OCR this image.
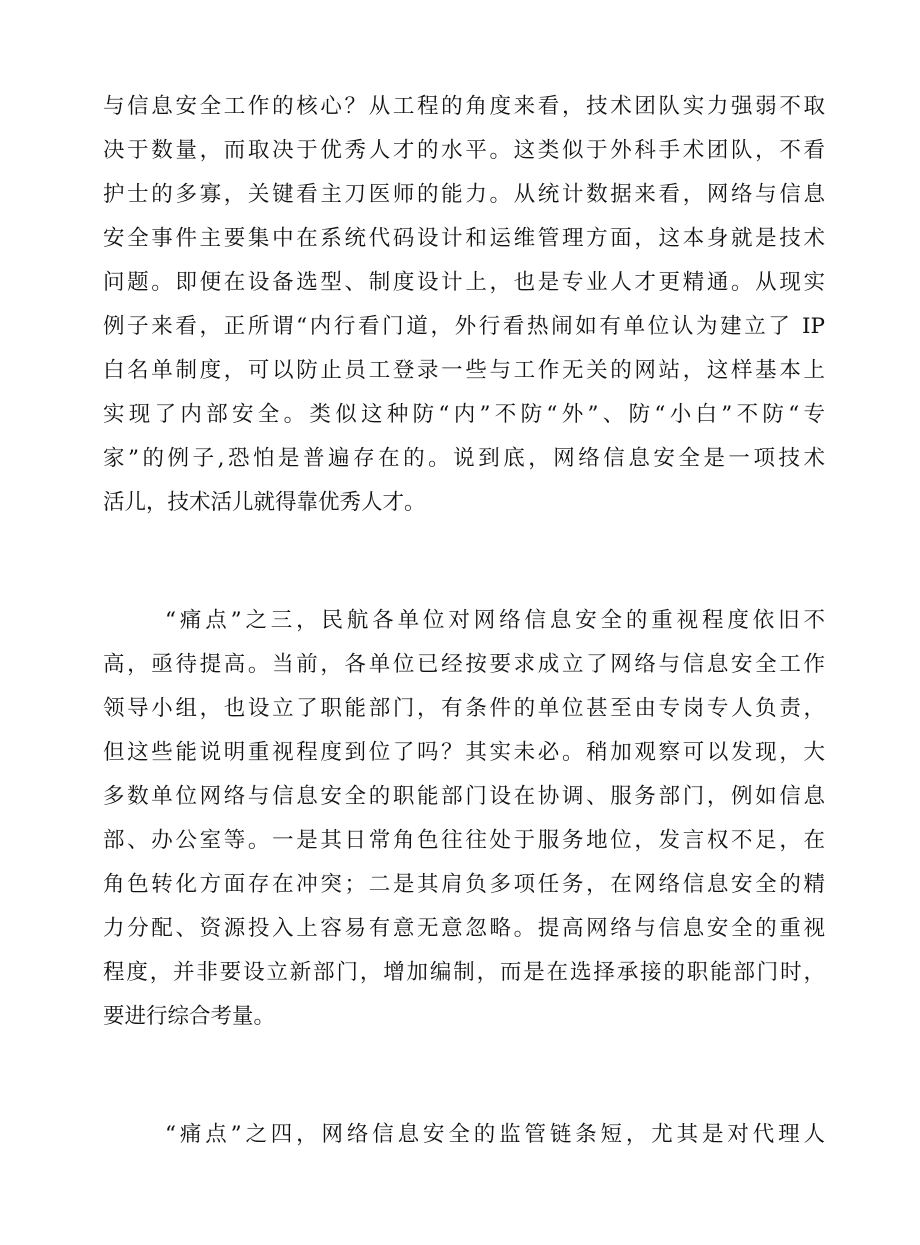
与信息安全工作的核心？从工程的角度来看，技术团队实力强弱不取
决于数量，而取决于优秀人才的水平。这类似于外科手术团队，不看
护士的多寡，关键看主刀医师的能力。从统计数据来看，网络与信息
安全事件主要集中在系统代码设计和运维管理方面，这本身就是技术
问题。即便在设备选型、制度设计上，也是专业人才更精通。从现实
例子来看，正所谓“内行看门道，外行看热闹如有单位认为建立了 IP
白名单制度，可以防止员工登录一些与工作无关的网站，这样基本上
实现了内部安全。类似这种防“内”不防“外”、防“小白”不防“专
家”的例子,恐怕是普遍存在的。说到底，网络信息安全是一项技术
活儿，技术活儿就得靠优秀人才。
“痛点”之三，民航各单位对网络信息安全的重视程度依旧不
高，亟待提高。当前，各单位已经按要求成立了网络与信息安全工作
领导小组，也设立了职能部门，有条件的单位甚至由专岗专人负责，
但这些能说明重视程度到位了吗？其实未必。稍加观察可以发现，大
多数单位网络与信息安全的职能部门设在协调、服务部门，例如信息
部、办公室等。一是其日常角色往往处于服务地位，发言权不足，在
角色转化方面存在冲突；二是其肩负多项任务，在网络信息安全的精
力分配、资源投入上容易有意无意忽略。提高网络与信息安全的重视
程度，并非要设立新部门，增加编制，而是在选择承接的职能部门时，
要进行综合考量。
“痛点”之四，网络信息安全的监管链条短，尤其是对代理人
